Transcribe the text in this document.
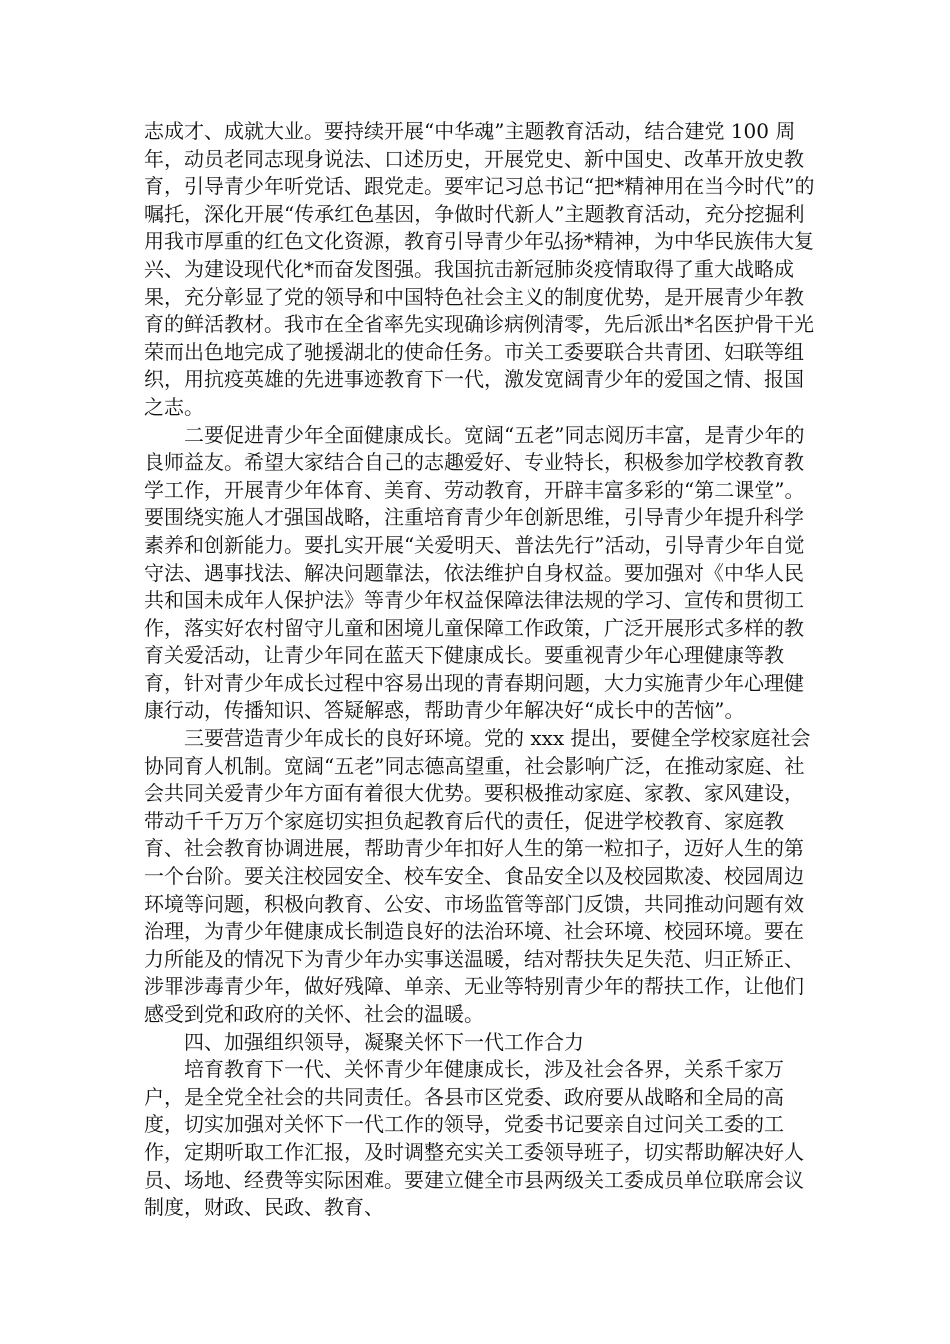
志成才、成就大业。要持续开展“中华魂”主题教育活动，结合建党 100 周年，动员老同志现身说法、口述历史，开展党史、新中国史、改革开放史教育，引导青少年听党话、跟党走。要牢记习总书记“把*精神用在当今时代”的嘱托，深化开展“传承红色基因，争做时代新人”主题教育活动，充分挖掘利用我市厚重的红色文化资源，教育引导青少年弘扬*精神，为中华民族伟大复兴、为建设现代化*而奋发图强。我国抗击新冠肺炎疫情取得了重大战略成果，充分彰显了党的领导和中国特色社会主义的制度优势，是开展青少年教育的鲜活教材。我市在全省率先实现确诊病例清零，先后派出*名医护骨干光荣而出色地完成了驰援湖北的使命任务。市关工委要联合共青团、妇联等组织，用抗疫英雄的先进事迹教育下一代，激发宽阔青少年的爱国之情、报国之志。

二要促进青少年全面健康成长。宽阔“五老”同志阅历丰富，是青少年的良师益友。希望大家结合自己的志趣爱好、专业特长，积极参加学校教育教学工作，开展青少年体育、美育、劳动教育，开辟丰富多彩的“第二课堂”。要围绕实施人才强国战略，注重培育青少年创新思维，引导青少年提升科学素养和创新能力。要扎实开展“关爱明天、普法先行”活动，引导青少年自觉守法、遇事找法、解决问题靠法，依法维护自身权益。要加强对《中华人民共和国未成年人保护法》等青少年权益保障法律法规的学习、宣传和贯彻工作，落实好农村留守儿童和困境儿童保障工作政策，广泛开展形式多样的教育关爱活动，让青少年同在蓝天下健康成长。要重视青少年心理健康等教育，针对青少年成长过程中容易出现的青春期问题，大力实施青少年心理健康行动，传播知识、答疑解惑，帮助青少年解决好“成长中的苦恼”。

三要营造青少年成长的良好环境。党的 xxx 提出，要健全学校家庭社会协同育人机制。宽阔“五老”同志德高望重，社会影响广泛，在推动家庭、社会共同关爱青少年方面有着很大优势。要积极推动家庭、家教、家风建设，带动千千万万个家庭切实担负起教育后代的责任，促进学校教育、家庭教育、社会教育协调进展，帮助青少年扣好人生的第一粒扣子，迈好人生的第一个台阶。要关注校园安全、校车安全、食品安全以及校园欺凌、校园周边环境等问题，积极向教育、公安、市场监管等部门反馈，共同推动问题有效治理，为青少年健康成长制造良好的法治环境、社会环境、校园环境。要在力所能及的情况下为青少年办实事送温暖，结对帮扶失足失范、归正矫正、涉罪涉毒青少年，做好残障、单亲、无业等特别青少年的帮扶工作，让他们感受到党和政府的关怀、社会的温暖。

四、加强组织领导，凝聚关怀下一代工作合力

培育教育下一代、关怀青少年健康成长，涉及社会各界，关系千家万户，是全党全社会的共同责任。各县市区党委、政府要从战略和全局的高度，切实加强对关怀下一代工作的领导，党委书记要亲自过问关工委的工作，定期听取工作汇报，及时调整充实关工委领导班子，切实帮助解决好人员、场地、经费等实际困难。要建立健全市县两级关工委成员单位联席会议制度，财政、民政、教育、
